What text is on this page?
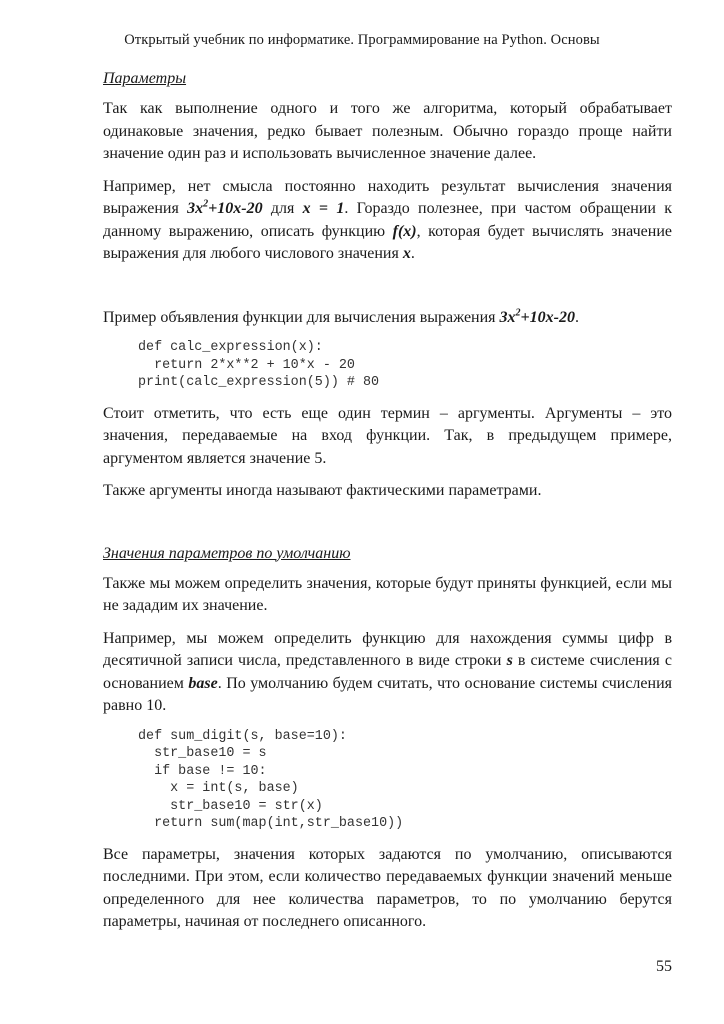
Открытый учебник по информатике. Программирование на Python. Основы
Параметры

Так как выполнение одного и того же алгоритма, который обрабатывает одинаковые значения, редко бывает полезным. Обычно гораздо проще найти значение один раз и использовать вычисленное значение далее.

Например, нет смысла постоянно находить результат вычисления значения выражения $3x^2+10x-20$ для x = 1. Гораздо полезнее, при частом обращении к данному выражению, описать функцию f(x), которая будет вычислять значение выражения для любого числового значения x.

Пример объявления функции для вычисления выражения $3x^2+10x-20$.

def calc_expression(x):
return 2*x**2 + 10*x - 20
print(calc_expression(5)) # 80

Стоит отметить, что есть еще один термин – аргументы. Аргументы – это значения, передаваемые на вход функции. Так, в предыдущем примере, аргументом является значение 5.

Также аргументы иногда называют фактическими параметрами.

Значения параметров по умолчанию

Также мы можем определить значения, которые будут приняты функцией, если мы не зададим их значение.

Например, мы можем определить функцию для нахождения суммы цифр в десятичной записи числа, представленного в виде строки s в системе счисления с основанием base. По умолчанию будем считать, что основание системы счисления равно 10.

def sum_digit(s, base=10):
str_base10 = s
if base != 10:
x = int(s, base)
str_base10 = str(x)
return sum(map(int,str_base10))

Все параметры, значения которых задаются по умолчанию, описываются последними. При этом, если количество передаваемых функции значений меньше определенного для нее количества параметров, то по умолчанию берутся параметры, начиная от последнего описанного.

55
